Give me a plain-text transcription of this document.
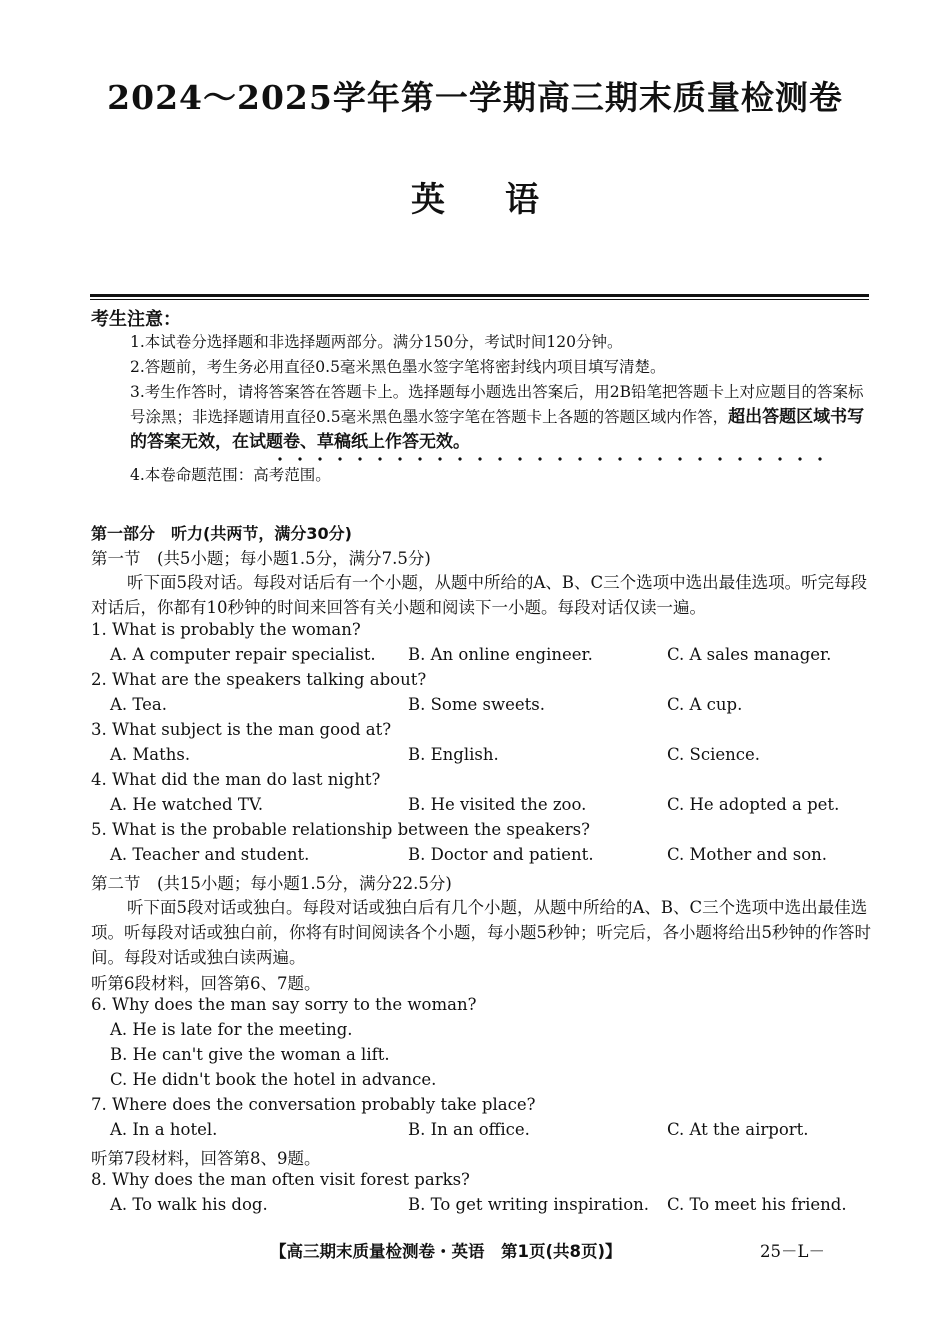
2024～2025学年第一学期高三期末质量检测卷
英语
考生注意：
1.本试卷分选择题和非选择题两部分。满分150分，考试时间120分钟。
2.答题前，考生务必用直径0.5毫米黑色墨水签字笔将密封线内项目填写清楚。
3.考生作答时，请将答案答在答题卡上。选择题每小题选出答案后，用2B铅笔把答题卡上对应题目的答案标号涂黑；非选择题请用直径0.5毫米黑色墨水签字笔在答题卡上各题的答题区域内作答，超出答题区域书写的答案无效，在试题卷、草稿纸上作答无效。
4.本卷命题范围：高考范围。
第一部分　听力(共两节，满分30分)
第一节　(共5小题；每小题1.5分，满分7.5分)
听下面5段对话。每段对话后有一个小题，从题中所给的A、B、C三个选项中选出最佳选项。听完每段对话后，你都有10秒钟的时间来回答有关小题和阅读下一小题。每段对话仅读一遍。
1. What is probably the woman?
A. A computer repair specialist. B. An online engineer.	C. A sales manager.
2. What are the speakers talking about?
A. Tea.	B. Some sweets.	C. A cup.
3. What subject is the man good at?
A. Maths.	B. English.	C. Science.
4. What did the man do last night?
A. He watched TV.	B. He visited the zoo.	C. He adopted a pet.
5. What is the probable relationship between the speakers?
A. Teacher and student.	B. Doctor and patient.	C. Mother and son.
第二节　(共15小题；每小题1.5分，满分22.5分)
听下面5段对话或独白。每段对话或独白后有几个小题，从题中所给的A、B、C三个选项中选出最佳选项。听每段对话或独白前，你将有时间阅读各个小题，每小题5秒钟；听完后，各小题将给出5秒钟的作答时间。每段对话或独白读两遍。
听第6段材料，回答第6、7题。
6. Why does the man say sorry to the woman?
A. He is late for the meeting.
B. He can't give the woman a lift.
C. He didn't book the hotel in advance.
7. Where does the conversation probably take place?
A. In a hotel.	B. In an office.	C. At the airport.
听第7段材料，回答第8、9题。
8. Why does the man often visit forest parks?
A. To walk his dog.	B. To get writing inspiration. C. To meet his friend.
【高三期末质量检测卷・英语　第1页(共8页)】	25－L－
